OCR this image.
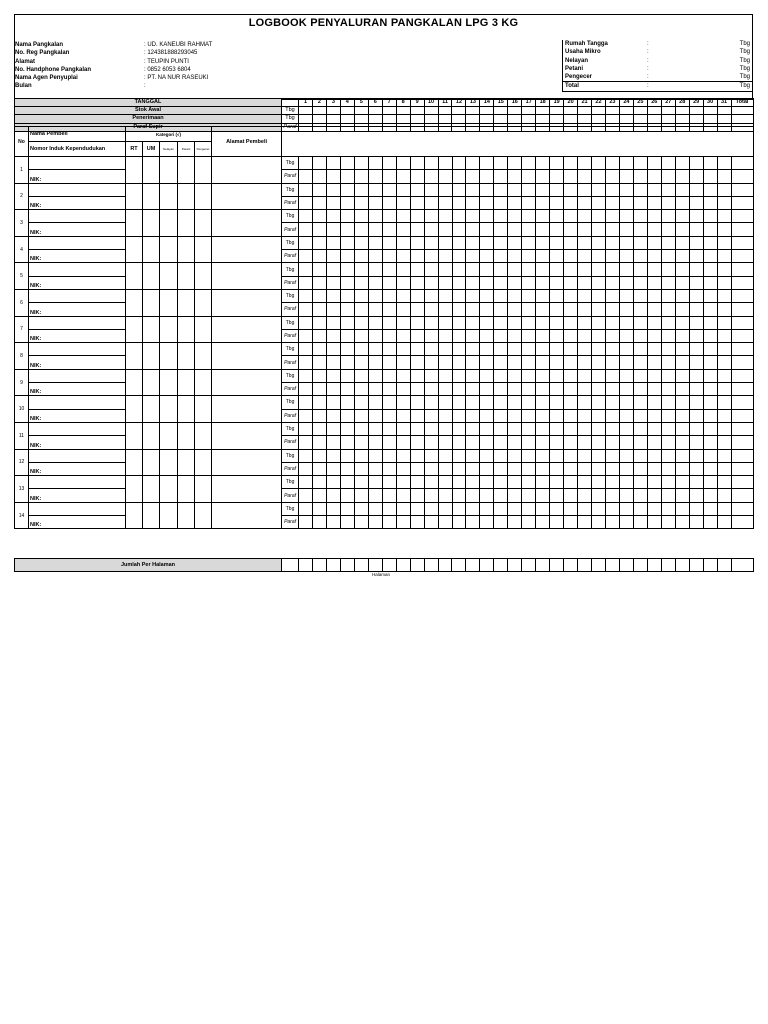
LOGBOOK PENYALURAN PANGKALAN LPG 3 KG
Nama Pangkalan	: UD. KANEUBI RAHMAT
No. Reg Pangkalan	: 124381888293045
Alamat	: TEUPIN PUNTI
No. Handphone Pangkalan	: 0852 6053 6804
Nama Agen Penyuplai	: PT. NA NUR RASEUKI
Bulan	:
Rumah Tangga	:	Tbg
Usaha Mikro	:	Tbg
Nelayan	:	Tbg
Petani	:	Tbg
Pengecer	:	Tbg
Total	:	Tbg
TANGGAL		1	2	3	4	5	6	7	8	9	10	11	12	13	14	15	16	17	18	19	20	21	22	23	24	25	26	27	28	29	30	31	Total
Stok Awal	Tbg																																
Penerimaan	Tbg																																
Paraf Supir	Paraf																																
No	Nama Pembeli	Kategori (√)					Alamat Pembeli																																	
	Nomor Induk Kependudukan	RT	UM	Nelayan	Petani	Pengecer																																		
1								Tbg																																
	NIK:							Paraf																																
2								Tbg																																
	NIK:							Paraf																																
3								Tbg																																
	NIK:							Paraf																																
4								Tbg																																
	NIK:							Paraf																																
5								Tbg																																
	NIK:							Paraf																																
6								Tbg																																
	NIK:							Paraf																																
7								Tbg																																
	NIK:							Paraf																																
8								Tbg																																
	NIK:							Paraf																																
9								Tbg																																
	NIK:							Paraf																																
10								Tbg																																
	NIK:							Paraf																																
11								Tbg																																
	NIK:							Paraf																																
12								Tbg																																
	NIK:							Paraf																																
13								Tbg																																
	NIK:							Paraf																																
14								Tbg																																
	NIK:							Paraf																																
Jumlah Per Halaman																																	
Halaman
